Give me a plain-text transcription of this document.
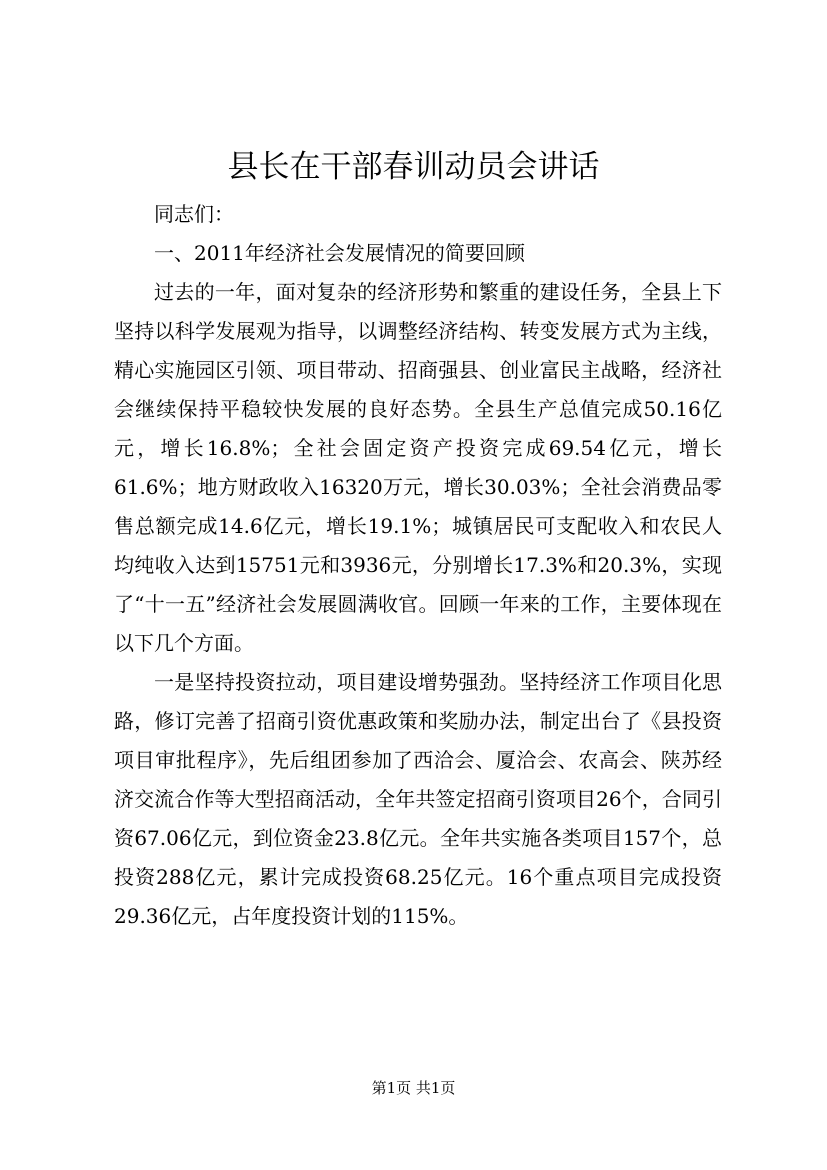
县长在干部春训动员会讲话

同志们：

一、2011年经济社会发展情况的简要回顾

过去的一年，面对复杂的经济形势和繁重的建设任务，全县上下坚持以科学发展观为指导，以调整经济结构、转变发展方式为主线，精心实施园区引领、项目带动、招商强县、创业富民主战略，经济社会继续保持平稳较快发展的良好态势。全县生产总值完成50.16亿元，增长16.8%；全社会固定资产投资完成69.54亿元，增长61.6%；地方财政收入16320万元，增长30.03%；全社会消费品零售总额完成14.6亿元，增长19.1%；城镇居民可支配收入和农民人均纯收入达到15751元和3936元，分别增长17.3%和20.3%，实现了“十一五”经济社会发展圆满收官。回顾一年来的工作，主要体现在以下几个方面。

一是坚持投资拉动，项目建设增势强劲。坚持经济工作项目化思路，修订完善了招商引资优惠政策和奖励办法，制定出台了《县投资项目审批程序》，先后组团参加了西洽会、厦洽会、农高会、陕苏经济交流合作等大型招商活动，全年共签定招商引资项目26个，合同引资67.06亿元，到位资金23.8亿元。全年共实施各类项目157个，总投资288亿元，累计完成投资68.25亿元。16个重点项目完成投资29.36亿元，占年度投资计划的115%。

第1页 共1页
